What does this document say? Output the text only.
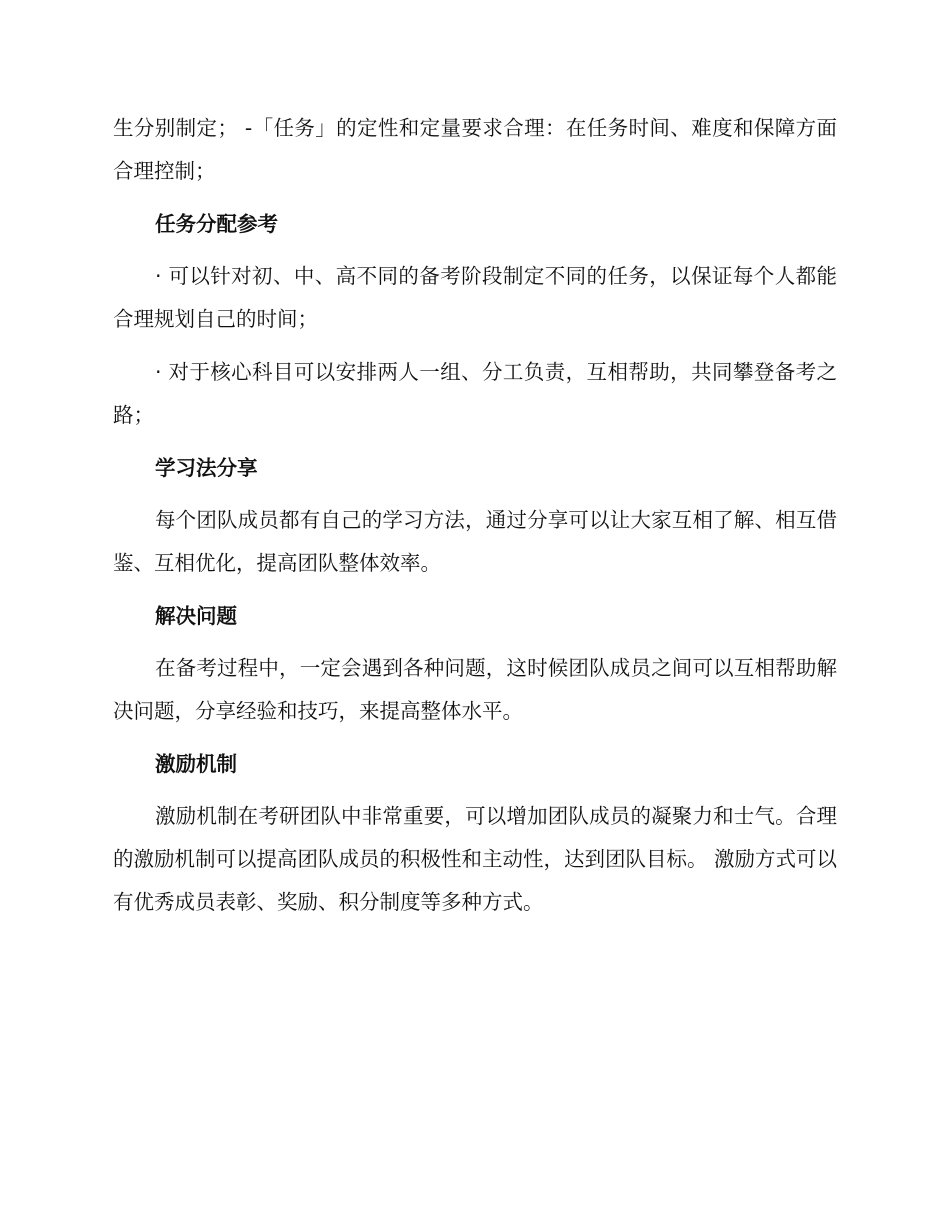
生分别制定； -「任务」的定性和定量要求合理：在任务时间、难度和保障方面合理控制；

任务分配参考

· 可以针对初、中、高不同的备考阶段制定不同的任务，以保证每个人都能合理规划自己的时间；

· 对于核心科目可以安排两人一组、分工负责，互相帮助，共同攀登备考之路；

学习法分享

每个团队成员都有自己的学习方法，通过分享可以让大家互相了解、相互借鉴、互相优化，提高团队整体效率。

解决问题

在备考过程中，一定会遇到各种问题，这时候团队成员之间可以互相帮助解决问题，分享经验和技巧，来提高整体水平。

激励机制

激励机制在考研团队中非常重要，可以增加团队成员的凝聚力和士气。合理的激励机制可以提高团队成员的积极性和主动性，达到团队目标。 激励方式可以有优秀成员表彰、奖励、积分制度等多种方式。
